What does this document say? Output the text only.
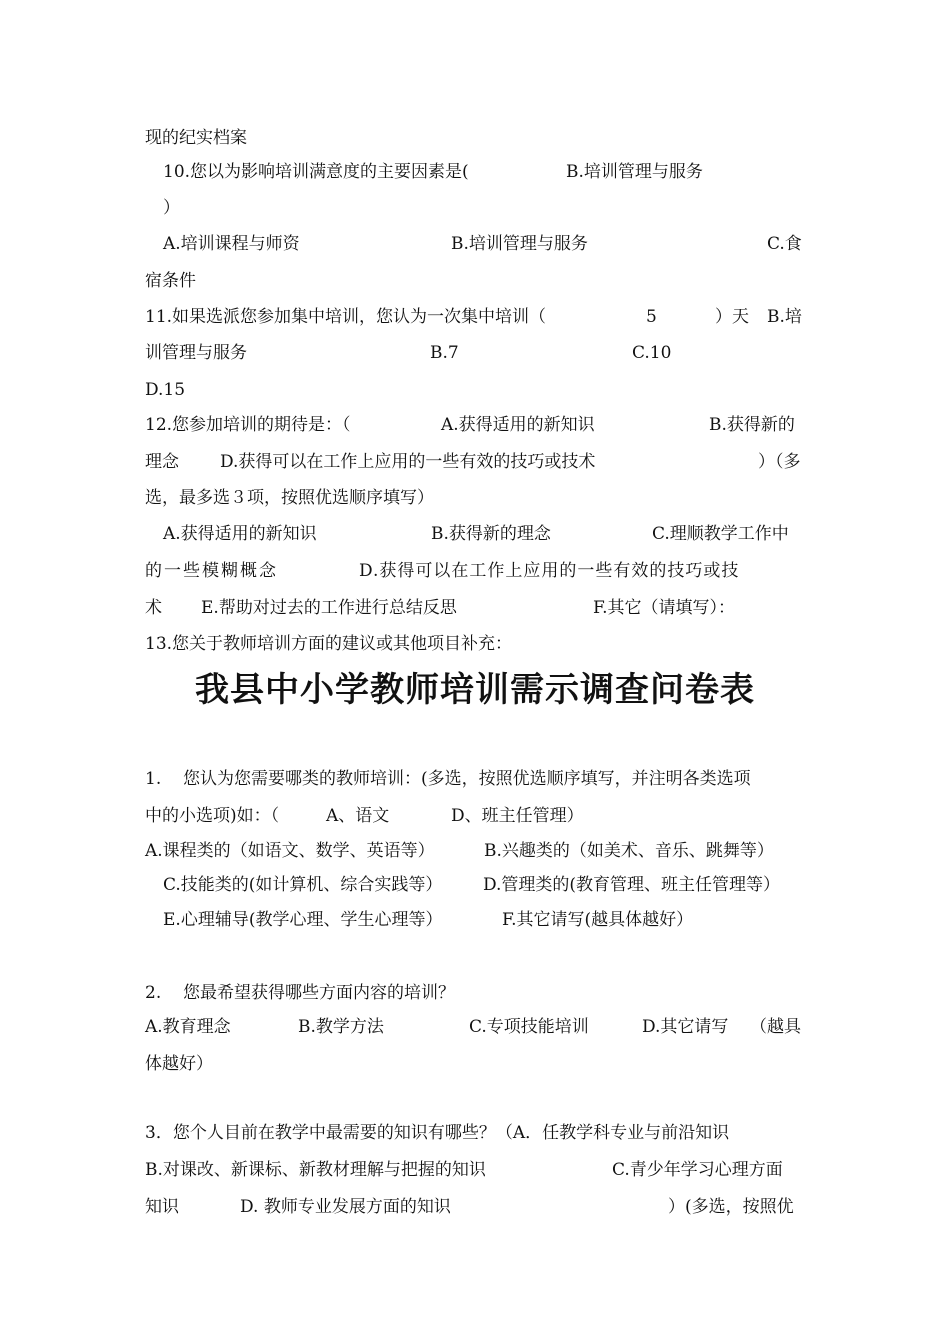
现的纪实档案
10.您以为影响培训满意度的主要因素是(	B.培训管理与服务
）
A.培训课程与师资	B.培训管理与服务	C.食
宿条件
11.如果选派您参加集中培训，您认为一次集中培训（	5	）天 B.培
训管理与服务	B.7	C.10
D.15
12.您参加培训的期待是：（	A.获得适用的新知识	B.获得新的
理念 D.获得可以在工作上应用的一些有效的技巧或技术	）（多
选，最多选３项，按照优选顺序填写）
A.获得适用的新知识	B.获得新的理念	C.理顺教学工作中
的一些模糊概念	D.获得可以在工作上应用的一些有效的技巧或技
术 E.帮助对过去的工作进行总结反思	F.其它（请填写）：
13.您关于教师培训方面的建议或其他项目补充：
我县中小学教师培训需示调查问卷表
1. 您认为您需要哪类的教师培训：(多选，按照优选顺序填写，并注明各类选项
中的小选项)如：（	A、语文	D、班主任管理）
A.课程类的（如语文、数学、英语等）	B.兴趣类的（如美术、音乐、跳舞等）
C.技能类的(如计算机、综合实践等） D.管理类的(教育管理、班主任管理等）
E.心理辅导(教学心理、学生心理等）	F.其它请写(越具体越好）
2. 您最希望获得哪些方面内容的培训？
A.教育理念	B.教学方法	C.专项技能培训	D.其它请写 （越具
体越好）
3．您个人目前在教学中最需要的知识有哪些？（A．任教学科专业与前沿知识
B.对课改、新课标、新教材理解与把握的知识	C.青少年学习心理方面
知识	D. 教师专业发展方面的知识	）(多选，按照优
